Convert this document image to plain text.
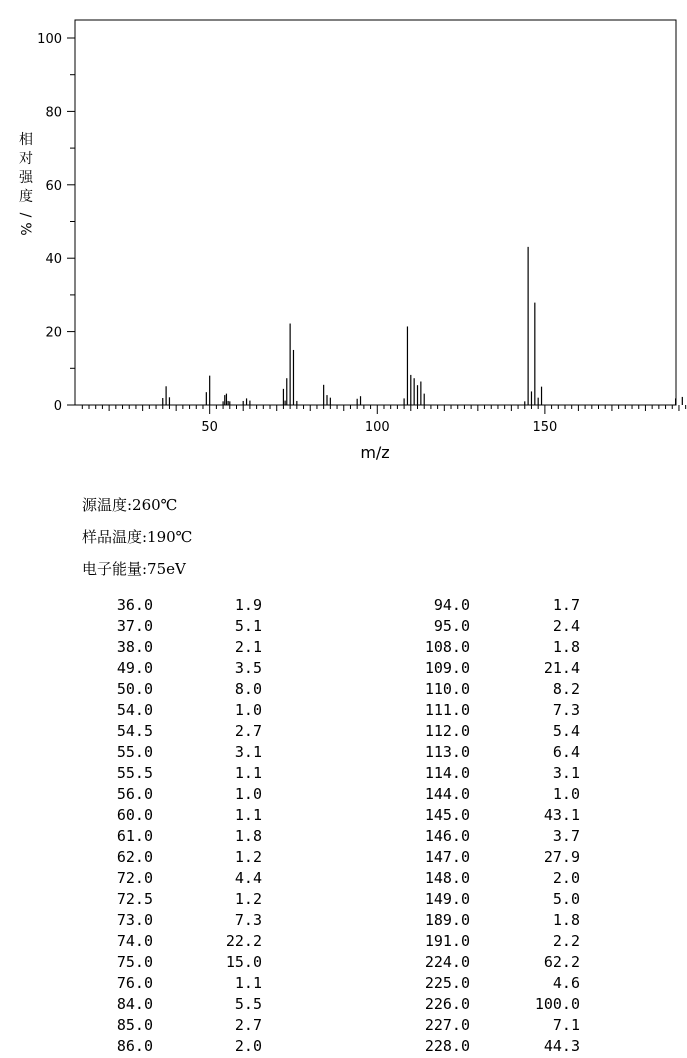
0
20
40
60
80
100
50	100	150
相
对
强
度
/
%
m/z
源温度:260℃
样品温度:190℃
电子能量:75eV
36.0	1.9	94.0	1.7
37.0	5.1	95.0	2.4
38.0	2.1	108.0	1.8
49.0	3.5	109.0	21.4
50.0	8.0	110.0	8.2
54.0	1.0	111.0	7.3
54.5	2.7	112.0	5.4
55.0	3.1	113.0	6.4
55.5	1.1	114.0	3.1
56.0	1.0	144.0	1.0
60.0	1.1	145.0	43.1
61.0	1.8	146.0	3.7
62.0	1.2	147.0	27.9
72.0	4.4	148.0	2.0
72.5	1.2	149.0	5.0
73.0	7.3	189.0	1.8
74.0	22.2	191.0	2.2
75.0	15.0	224.0	62.2
76.0	1.1	225.0	4.6
84.0	5.5	226.0	100.0
85.0	2.7	227.0	7.1
86.0	2.0	228.0	44.3
